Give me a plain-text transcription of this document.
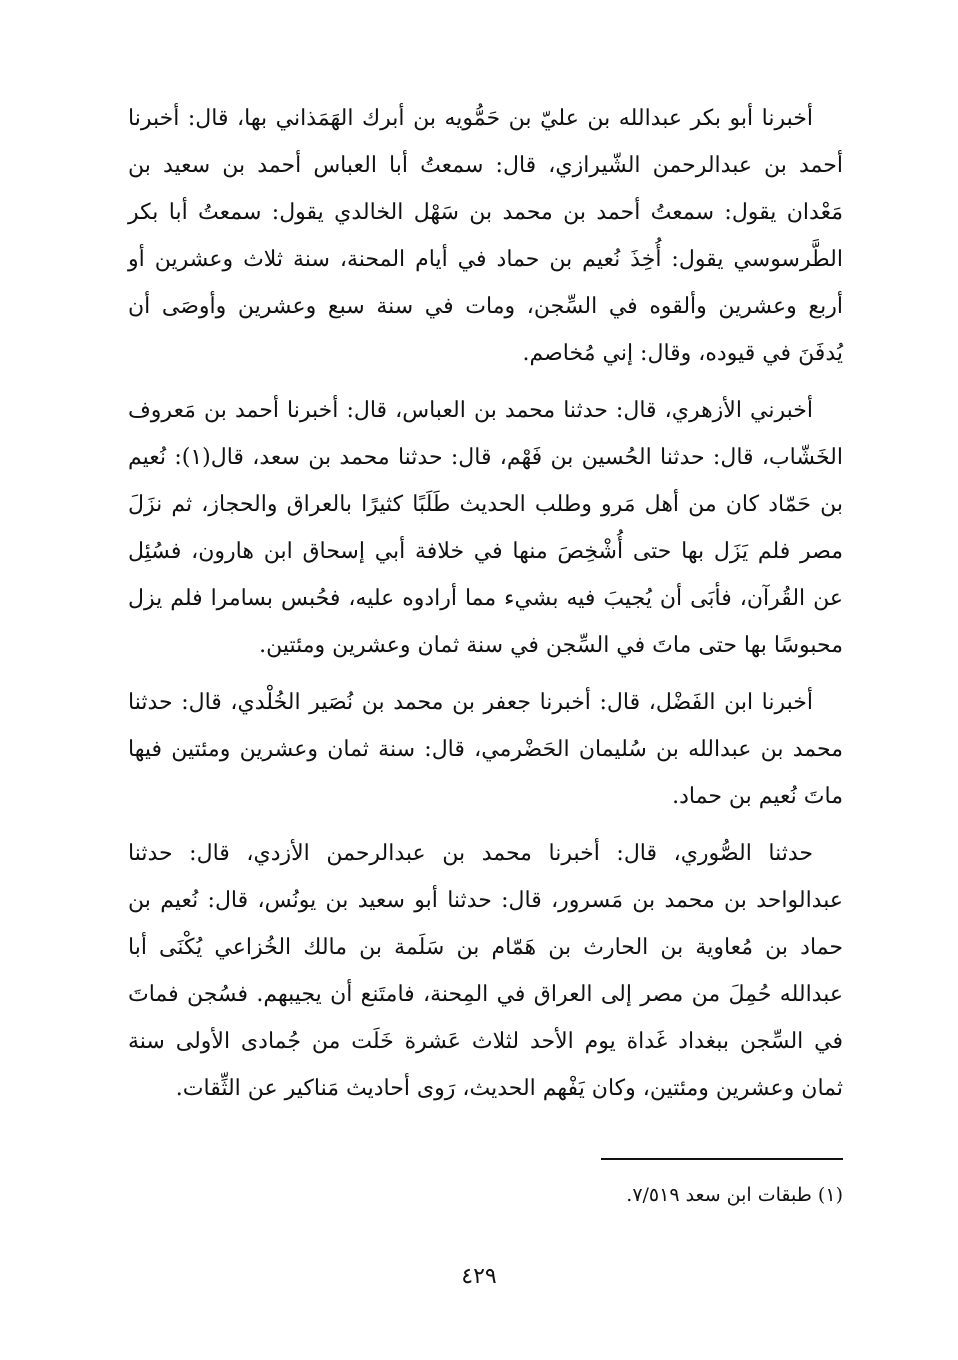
أخبرنا أبو بكر عبدالله بن عليّ بن حَمُّويه بن أبرك الهَمَذاني بها، قال: أخبرنا أحمد بن عبدالرحمن الشّيرازي، قال: سمعتُ أبا العباس أحمد بن سعيد بن مَعْدان يقول: سمعتُ أحمد بن محمد بن سَهْل الخالدي يقول: سمعتُ أبا بكر الطَّرسوسي يقول: أُخِذَ نُعيم بن حماد في أيام المحنة، سنة ثلاث وعشرين أو أربع وعشرين وألقوه في السِّجن، ومات في سنة سبع وعشرين وأوصَى أن يُدفَنَ في قيوده، وقال: إني مُخاصم.

أخبرني الأزهري، قال: حدثنا محمد بن العباس، قال: أخبرنا أحمد بن مَعروف الخَشّاب، قال: حدثنا الحُسين بن فَهْم، قال: حدثنا محمد بن سعد، قال(١): نُعيم بن حَمّاد كان من أهل مَرو وطلب الحديث طَلَبًا كثيرًا بالعراق والحجاز، ثم نزَلَ مصر فلم يَزَل بها حتى أُشْخِصَ منها في خلافة أبي إسحاق ابن هارون، فسُئِل عن القُرآن، فأبَى أن يُجيبَ فيه بشيء مما أرادوه عليه، فحُبس بسامرا فلم يزل محبوسًا بها حتى ماتَ في السِّجن في سنة ثمان وعشرين ومئتين.

أخبرنا ابن الفَضْل، قال: أخبرنا جعفر بن محمد بن نُصَير الخُلْدي، قال: حدثنا محمد بن عبدالله بن سُليمان الحَضْرمي، قال: سنة ثمان وعشرين ومئتين فيها ماتَ نُعيم بن حماد.

حدثنا الصُّوري، قال: أخبرنا محمد بن عبدالرحمن الأزدي، قال: حدثنا عبدالواحد بن محمد بن مَسرور، قال: حدثنا أبو سعيد بن يونُس، قال: نُعيم بن حماد بن مُعاوية بن الحارث بن هَمّام بن سَلَمة بن مالك الخُزاعي يُكْنَى أبا عبدالله حُمِلَ من مصر إلى العراق في المِحنة، فامتَنع أن يجيبهم. فسُجن فماتَ في السِّجن ببغداد غَداة يوم الأحد لثلاث عَشرة خَلَت من جُمادى الأولى سنة ثمان وعشرين ومئتين، وكان يَفْهم الحديث، رَوى أحاديث مَناكير عن الثِّقات.

(١) طبقات ابن سعد ٧/٥١٩.
٤٢٩
